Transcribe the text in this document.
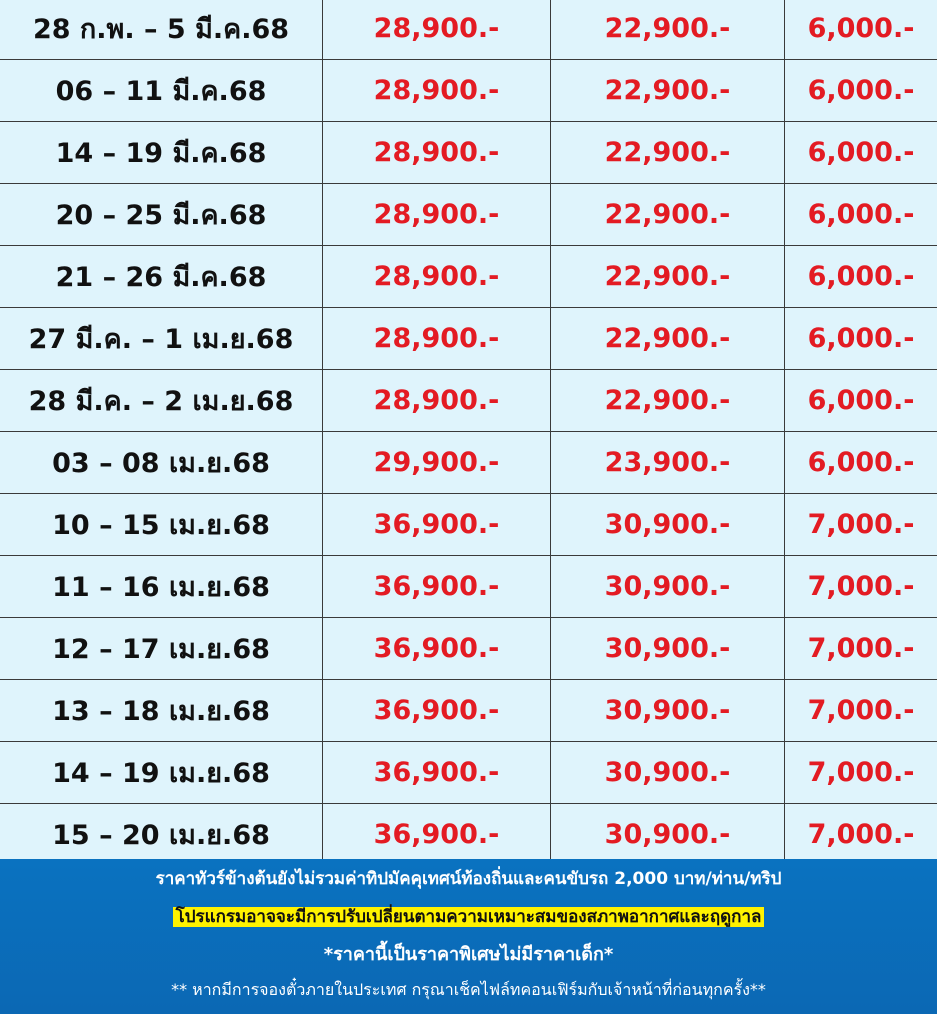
28 ก.พ. – 5 มี.ค.68	28,900.-	22,900.-	6,000.-
06 – 11 มี.ค.68	28,900.-	22,900.-	6,000.-
14 – 19 มี.ค.68	28,900.-	22,900.-	6,000.-
20 – 25 มี.ค.68	28,900.-	22,900.-	6,000.-
21 – 26 มี.ค.68	28,900.-	22,900.-	6,000.-
27 มี.ค. – 1 เม.ย.68	28,900.-	22,900.-	6,000.-
28 มี.ค. – 2 เม.ย.68	28,900.-	22,900.-	6,000.-
03 – 08 เม.ย.68	29,900.-	23,900.-	6,000.-
10 – 15 เม.ย.68	36,900.-	30,900.-	7,000.-
11 – 16 เม.ย.68	36,900.-	30,900.-	7,000.-
12 – 17 เม.ย.68	36,900.-	30,900.-	7,000.-
13 – 18 เม.ย.68	36,900.-	30,900.-	7,000.-
14 – 19 เม.ย.68	36,900.-	30,900.-	7,000.-
15 – 20 เม.ย.68	36,900.-	30,900.-	7,000.-
ราคาทัวร์ข้างต้นยังไม่รวมค่าทิปมัคคุเทศน์ท้องถิ่นและคนขับรถ 2,000 บาท/ท่าน/ทริป
โปรแกรมอาจจะมีการปรับเปลี่ยนตามความเหมาะสมของสภาพอากาศและฤดูกาล
*ราคานี้เป็นราคาพิเศษไม่มีราคาเด็ก*
** หากมีการจองตั๋วภายในประเทศ กรุณาเช็คไฟล์ทคอนเฟิร์มกับเจ้าหน้าที่ก่อนทุกครั้ง**
